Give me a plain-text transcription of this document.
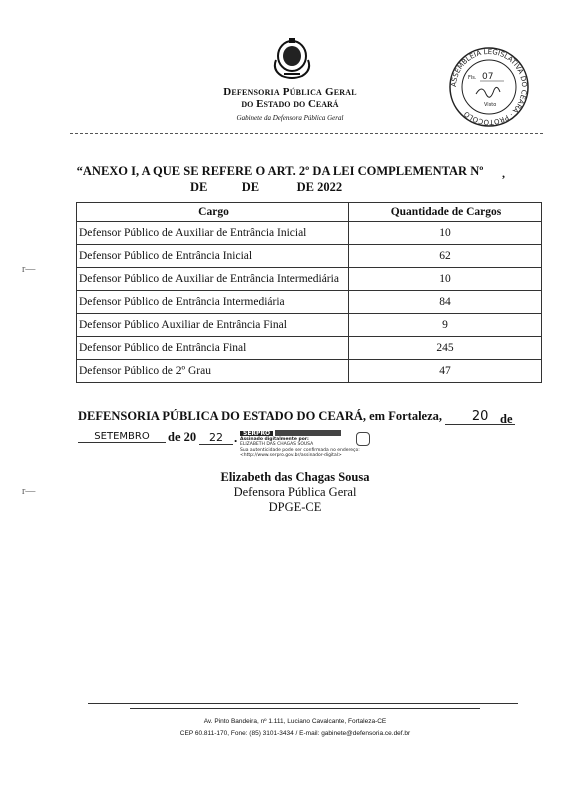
Defensoria Pública Geral
do Estado do Ceará
Gabinete da Defensora Pública Geral
ASSEMBLEIA LEGISLATIVA DO CEARÁ · PROTOCOLO
Fls. 07
Visto
“ANEXO I, A QUE SE REFERE O ART. 2º DA LEI COMPLEMENTAR Nº	,
DE           DE            DE 2022
Cargo	Quantidade de Cargos
Defensor Público de Auxiliar de Entrância Inicial	10
Defensor Público de Entrância Inicial	62
Defensor Público de Auxiliar de Entrância Intermediária	10
Defensor Público de Entrância Intermediária	84
Defensor Público Auxiliar de Entrância Final	9
Defensor Público de Entrância Final	245
Defensor Público de 2º Grau	47
r—
r—
DEFENSORIA PÚBLICA DO ESTADO DO CEARÁ, em Fortaleza, 20 de
SETEMBRO	de 20	22 . SERPRO
Assinado digitalmente por:
ELIZABETH DAS CHAGAS SOUSA
Sua autenticidade pode ser confirmada no endereço:
<http://www.serpro.gov.br/assinador-digital>
Elizabeth das Chagas Sousa
Defensora Pública Geral
DPGE-CE
Av. Pinto Bandeira, nº 1.111, Luciano Cavalcante, Fortaleza-CE
CEP 60.811-170, Fone: (85) 3101-3434 / E-mail: gabinete@defensoria.ce.def.br
